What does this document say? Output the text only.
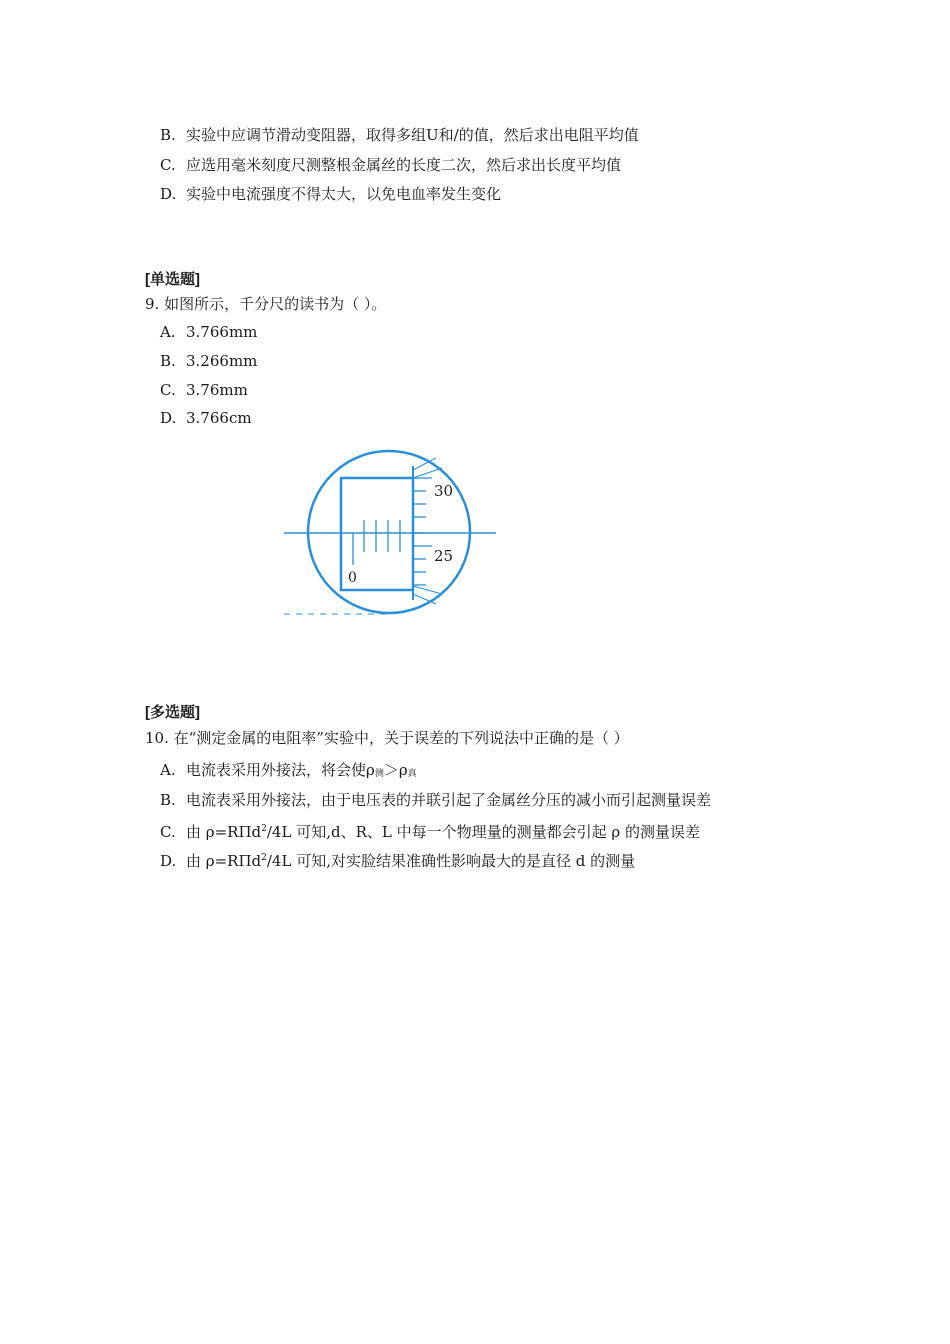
B. 实验中应调节滑动变阻器，取得多组U和/的值，然后求出电阻平均值
C. 应选用毫米刻度尺测整根金属丝的长度二次，然后求出长度平均值
D. 实验中电流强度不得太大，以免电血率发生变化
[单选题]
9. 如图所示，千分尺的读书为（ ）。
A. 3.766mm
B. 3.266mm
C. 3.76mm
D. 3.766cm
30
25
0
[多选题]
10. 在“测定金属的电阻率”实验中，关于误差的下列说法中正确的是（ ）
A. 电流表采用外接法，将会使$\rho_测>\rho_真$
B. 电流表采用外接法，由于电压表的并联引起了金属丝分压的减小而引起测量误差
C. 由 ρ=RΠd$^2$/4L 可知,d、R、L 中每一个物理量的测量都会引起 ρ 的测量误差
D. 由 ρ=RΠd$^2$/4L 可知,对实脸结果准确性影响最大的是直径 d 的测量
